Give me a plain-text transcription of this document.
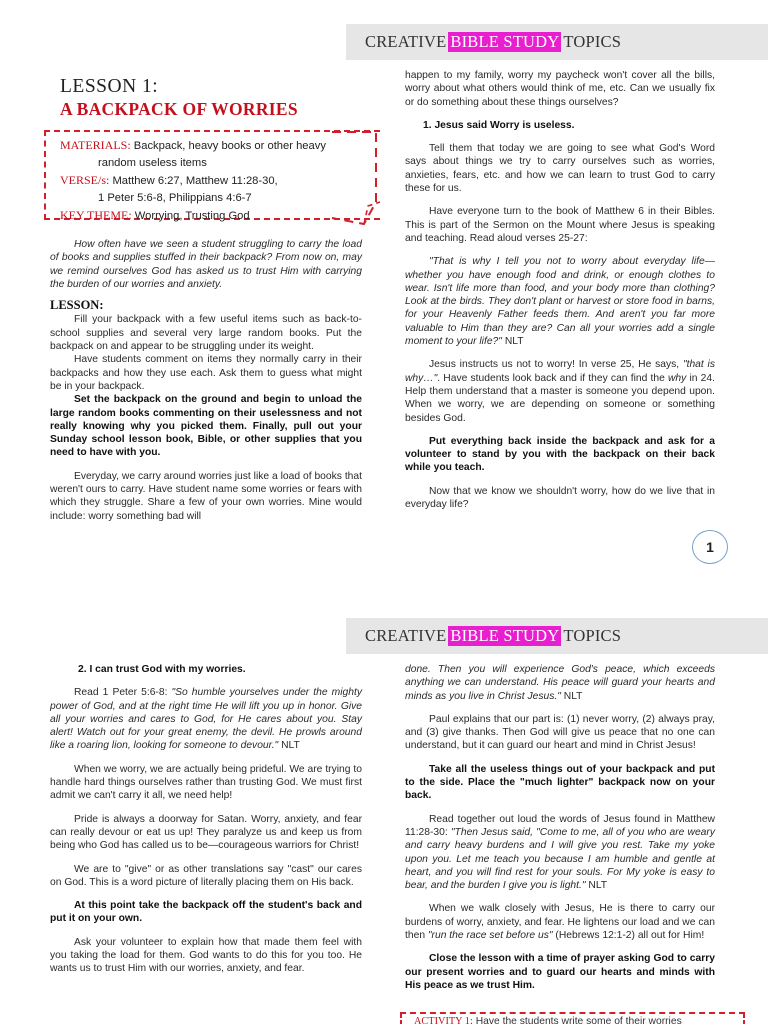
CREATIVE BIBLE STUDY TOPICS
LESSON 1:
A BACKPACK OF WORRIES
MATERIALS: Backpack, heavy books or other heavy
random useless items
VERSE/s: Matthew 6:27, Matthew 11:28-30,
1 Peter 5:6-8, Philippians 4:6-7
KEY THEME: Worrying, Trusting God

How often have we seen a student struggling to carry the load of books and supplies stuffed in their backpack? From now on, may we remind ourselves God has asked us to trust Him with carrying the burden of our worries and anxiety.

LESSON:

Fill your backpack with a few useful items such as back-to-school supplies and several very large random books. Put the backpack on and appear to be struggling under its weight.

Have students comment on items they normally carry in their backpacks and how they use each. Ask them to guess what might be in your backpack.

Set the backpack on the ground and begin to unload the large random books commenting on their uselessness and not really knowing why you picked them. Finally, pull out your Sunday school lesson book, Bible, or other supplies that you need to have with you.

Everyday, we carry around worries just like a load of books that weren't ours to carry. Have student name some worries or fears with which they struggle. Share a few of your own worries. Mine would include: worry something bad will

happen to my family, worry my paycheck won't cover all the bills, worry about what others would think of me, etc. Can we usually fix or do something about these things ourselves?

1. Jesus said Worry is useless.

Tell them that today we are going to see what God's Word says about things we try to carry ourselves such as worries, anxieties, fears, etc. and how we can learn to trust God to carry these for us.

Have everyone turn to the book of Matthew 6 in their Bibles. This is part of the Sermon on the Mount where Jesus is speaking and teaching. Read aloud verses 25-27:

"That is why I tell you not to worry about everyday life—whether you have enough food and drink, or enough clothes to wear. Isn't life more than food, and your body more than clothing? Look at the birds. They don't plant or harvest or store food in barns, for your Heavenly Father feeds them. And aren't you far more valuable to Him than they are? Can all your worries add a single moment to your life?" NLT

Jesus instructs us not to worry! In verse 25, He says, "that is why…". Have students look back and if they can find the why in 24. Help them understand that a master is someone you depend upon. When we worry, we are depending on someone or something besides God.

Put everything back inside the backpack and ask for a volunteer to stand by you with the backpack on their back while you teach.

Now that we know we shouldn't worry, how do we live that in everyday life?

1
CREATIVE BIBLE STUDY TOPICS

2. I can trust God with my worries.

Read 1 Peter 5:6-8: "So humble yourselves under the mighty power of God, and at the right time He will lift you up in honor. Give all your worries and cares to God, for He cares about you. Stay alert! Watch out for your great enemy, the devil. He prowls around like a roaring lion, looking for someone to devour." NLT

When we worry, we are actually being prideful. We are trying to handle hard things ourselves rather than trusting God. We must first admit we can't carry it all, we need help!

Pride is always a doorway for Satan. Worry, anxiety, and fear can really devour or eat us up! They paralyze us and keep us from being who God has called us to be—courageous warriors for Christ!

We are to "give" or as other translations say "cast" our cares on God. This is a word picture of literally placing them on His back.

At this point take the backpack off the student's back and put it on your own.

Ask your volunteer to explain how that made them feel with you taking the load for them. God wants to do this for you too. He wants us to trust Him with our worries, anxiety, and fear.

done. Then you will experience God's peace, which exceeds anything we can understand. His peace will guard your hearts and minds as you live in Christ Jesus." NLT

Paul explains that our part is: (1) never worry, (2) always pray, and (3) give thanks. Then God will give us peace that no one can understand, but it can guard our heart and mind in Christ Jesus!

Take all the useless things out of your backpack and put to the side. Place the "much lighter" backpack now on your back.

Read together out loud the words of Jesus found in Matthew 11:28-30: "Then Jesus said, "Come to me, all of you who are weary and carry heavy burdens and I will give you rest. Take my yoke upon you. Let me teach you because I am humble and gentle at heart, and you will find rest for your souls. For My yoke is easy to bear, and the burden I give you is light." NLT

When we walk closely with Jesus, He is there to carry our burdens of worry, anxiety, and fear. He lightens our load and we can then "run the race set before us" (Hebrews 12:1-2) all out for Him!

Close the lesson with a time of prayer asking God to carry our present worries and to guard our hearts and minds with His peace as we trust Him.

ACTIVITY 1: Have the students write some of their worries
